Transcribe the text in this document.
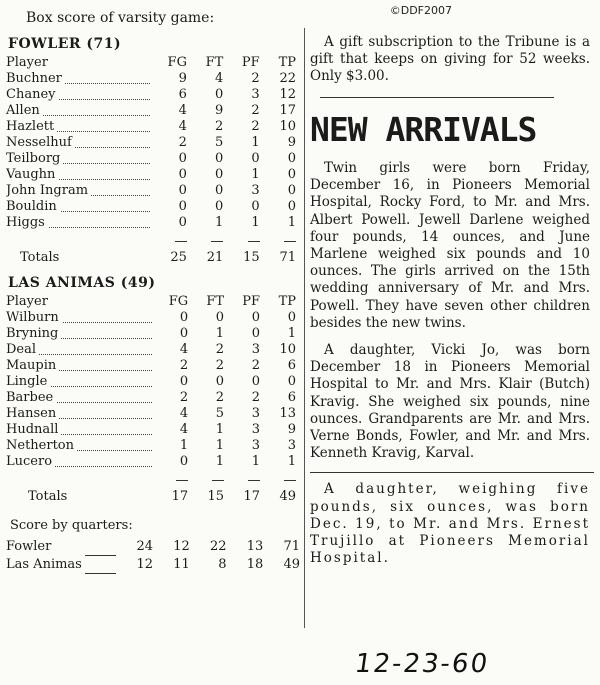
©DDF2007
Box score of varsity game:
FOWLER (71)
Player	FG	FT	PF	TP

Buchner	9	4	2	22

Chaney	6	0	3	12

Allen	4	9	2	17

Hazlett	4	2	2	10

Nesselhuf	2	5	1	9

Teilborg	0	0	0	0

Vaughn	0	0	1	0

John Ingram	0	0	3	0

Bouldin	0	0	0	0

Higgs	0	1	1	1

Totals	25	21	15	71
LAS ANIMAS (49)
Player	FG	FT	PF	TP

Wilburn	0	0	0	0

Bryning	0	1	0	1

Deal	4	2	3	10

Maupin	2	2	2	6

Lingle	0	0	0	0

Barbee	2	2	2	6

Hansen	4	5	3	13

Hudnall	4	1	3	9

Netherton	1	1	3	3

Lucero	0	1	1	1

Totals	17	15	17	49
Score by quarters:
Fowler		24	12	22	13	71
Las Animas		12	11	8	18	49
A gift subscription to the Tribune is a gift that keeps on giving for 52 weeks. Only $3.00.
NEW ARRIVALS
Twin girls were born Friday, December 16, in Pioneers Memorial Hospital, Rocky Ford, to Mr. and Mrs. Albert Powell. Jewell Darlene weighed four pounds, 14 ounces, and June Marlene weighed six pounds and 10 ounces. The girls arrived on the 15th wedding anniversary of Mr. and Mrs. Powell. They have seven other children besides the new twins.
A daughter, Vicki Jo, was born December 18 in Pioneers Memorial Hospital to Mr. and Mrs. Klair (Butch) Kravig. She weighed six pounds, nine ounces. Grandparents are Mr. and Mrs. Verne Bonds, Fowler, and Mr. and Mrs. Kenneth Kravig, Karval.
A daughter, weighing five pounds, six ounces, was born Dec. 19, to Mr. and Mrs. Ernest Trujillo at Pioneers Memorial Hospital.
12-23-60
